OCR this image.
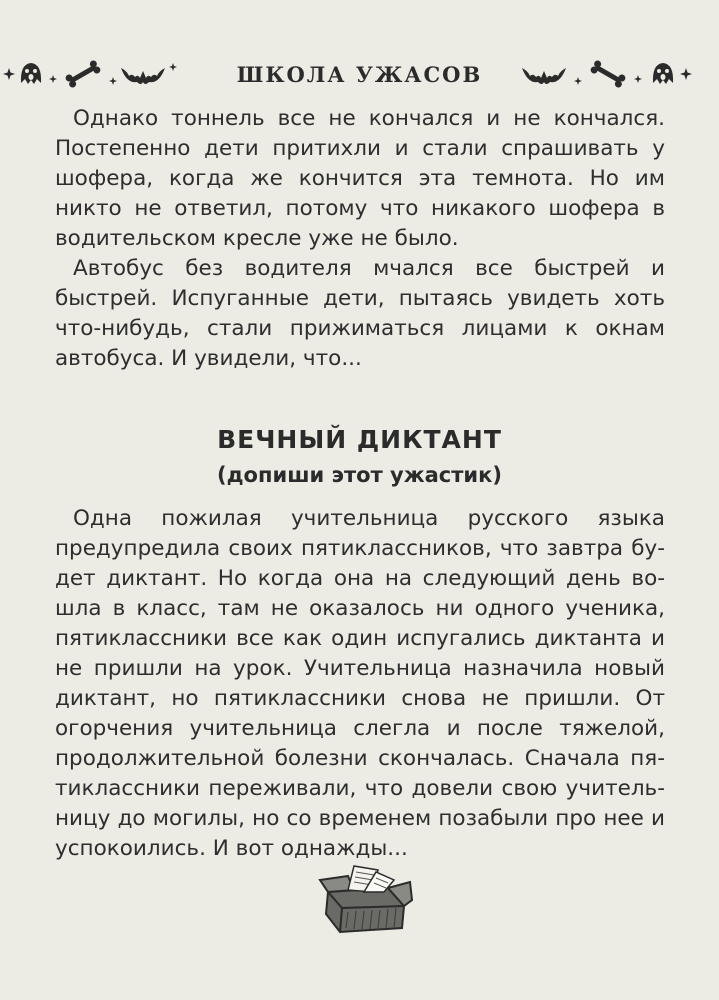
ШКОЛА УЖАСОВ

Однако тоннель все не кончался и не кончался. Постепенно дети притихли и стали спрашивать у шофера, когда же кончится эта темнота. Но им никто не ответил, потому что никакого шофера в водительском кресле уже не было.

Автобус без водителя мчался все быстрей и быстрей. Испуганные дети, пытаясь увидеть хоть что-нибудь, стали прижиматься лицами к окнам автобуса. И увидели, что...

ВЕЧНЫЙ ДИКТАНТ
(допиши этот ужастик)

Одна пожилая учительница русского языка предупредила своих пятиклассников, что завтра будет диктант. Но когда она на следующий день вошла в класс, там не оказалось ни одного ученика, пятиклассники все как один испугались диктанта и не пришли на урок. Учительница назначила новый диктант, но пятиклассники снова не пришли. От огорчения учительница слегла и после тяжелой, продолжительной болезни скончалась. Сначала пятиклассники переживали, что довели свою учительницу до могилы, но со временем позабыли про нее и успокоились. И вот однажды...
